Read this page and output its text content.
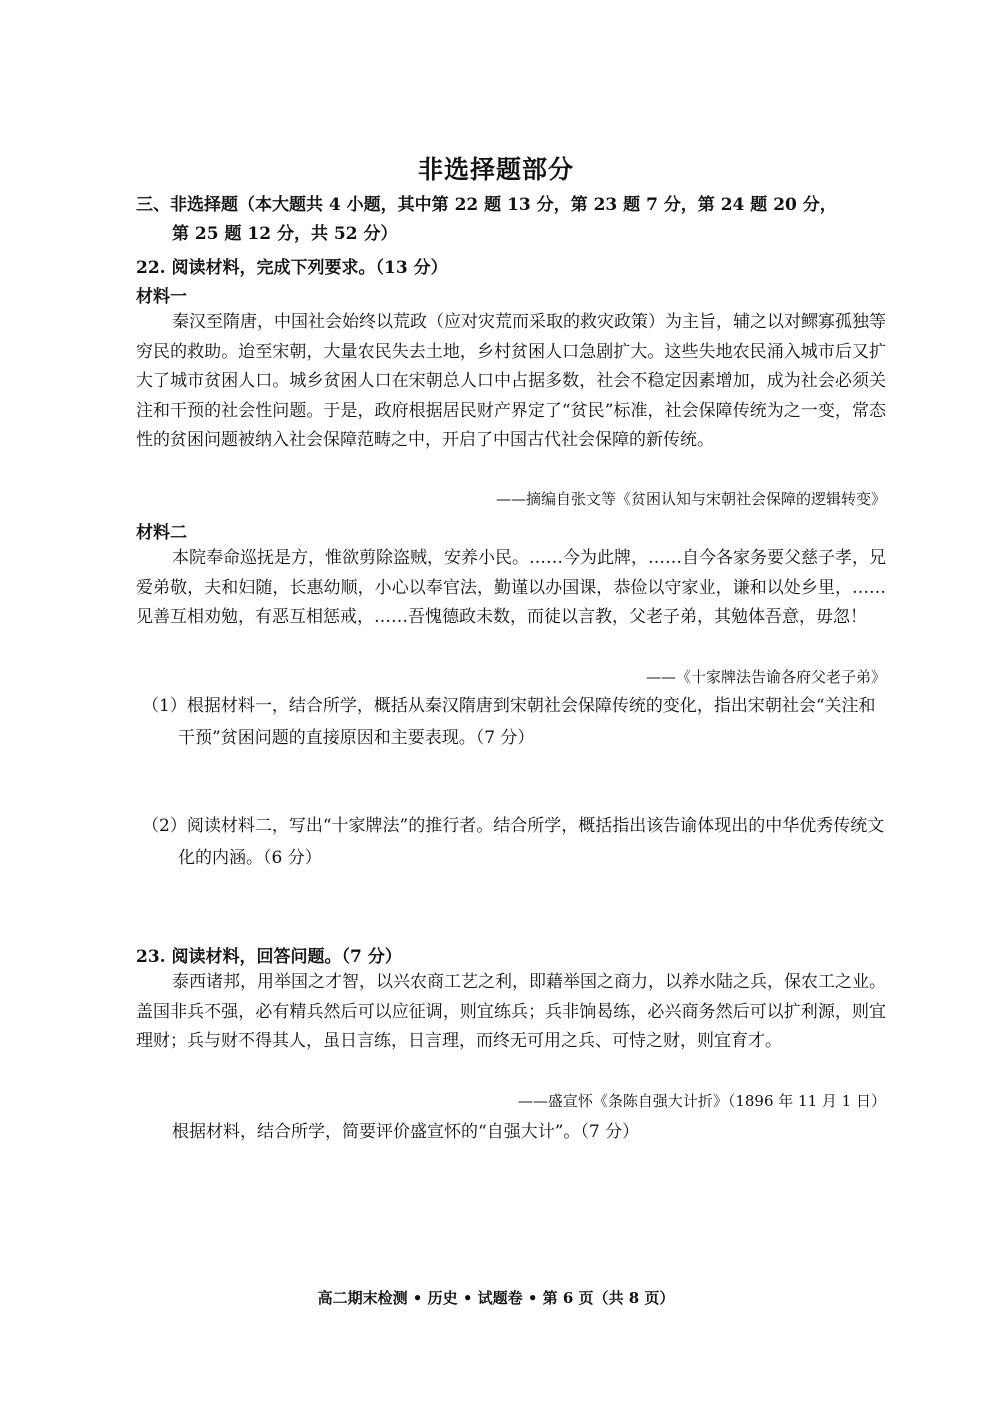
非选择题部分
三、非选择题（本大题共 4 小题，其中第 22 题 13 分，第 23 题 7 分，第 24 题 20 分，
第 25 题 12 分，共 52 分）
22. 阅读材料，完成下列要求。（13 分）
材料一
秦汉至隋唐，中国社会始终以荒政（应对灾荒而采取的救灾政策）为主旨，辅之以对鳏寡孤独等穷民的救助。迨至宋朝，大量农民失去土地，乡村贫困人口急剧扩大。这些失地农民涌入城市后又扩大了城市贫困人口。城乡贫困人口在宋朝总人口中占据多数，社会不稳定因素增加，成为社会必须关注和干预的社会性问题。于是，政府根据居民财产界定了“贫民”标准，社会保障传统为之一变，常态性的贫困问题被纳入社会保障范畴之中，开启了中国古代社会保障的新传统。
——摘编自张文等《贫困认知与宋朝社会保障的逻辑转变》
材料二
本院奉命巡抚是方，惟欲剪除盗贼，安养小民。……今为此牌，……自今各家务要父慈子孝，兄爱弟敬，夫和妇随，长惠幼顺，小心以奉官法，勤谨以办国课，恭俭以守家业，谦和以处乡里，……见善互相劝勉，有恶互相惩戒，……吾愧德政未数，而徒以言教，父老子弟，其勉体吾意，毋忽！
——《十家牌法告谕各府父老子弟》
（1）根据材料一，结合所学，概括从秦汉隋唐到宋朝社会保障传统的变化，指出宋朝社会“关注和干预”贫困问题的直接原因和主要表现。（7 分）
（2）阅读材料二，写出“十家牌法”的推行者。结合所学，概括指出该告谕体现出的中华优秀传统文化的内涵。（6 分）
23. 阅读材料，回答问题。（7 分）
泰西诸邦，用举国之才智，以兴农商工艺之利，即藉举国之商力，以养水陆之兵，保农工之业。盖国非兵不强，必有精兵然后可以应征调，则宜练兵；兵非饷曷练，必兴商务然后可以扩利源，则宜理财；兵与财不得其人，虽日言练，日言理，而终无可用之兵、可恃之财，则宜育才。
——盛宣怀《条陈自强大计折》（1896 年 11 月 1 日）
根据材料，结合所学，简要评价盛宣怀的“自强大计”。（7 分）
高二期末检测 • 历史 • 试题卷 • 第 6 页（共 8 页）
